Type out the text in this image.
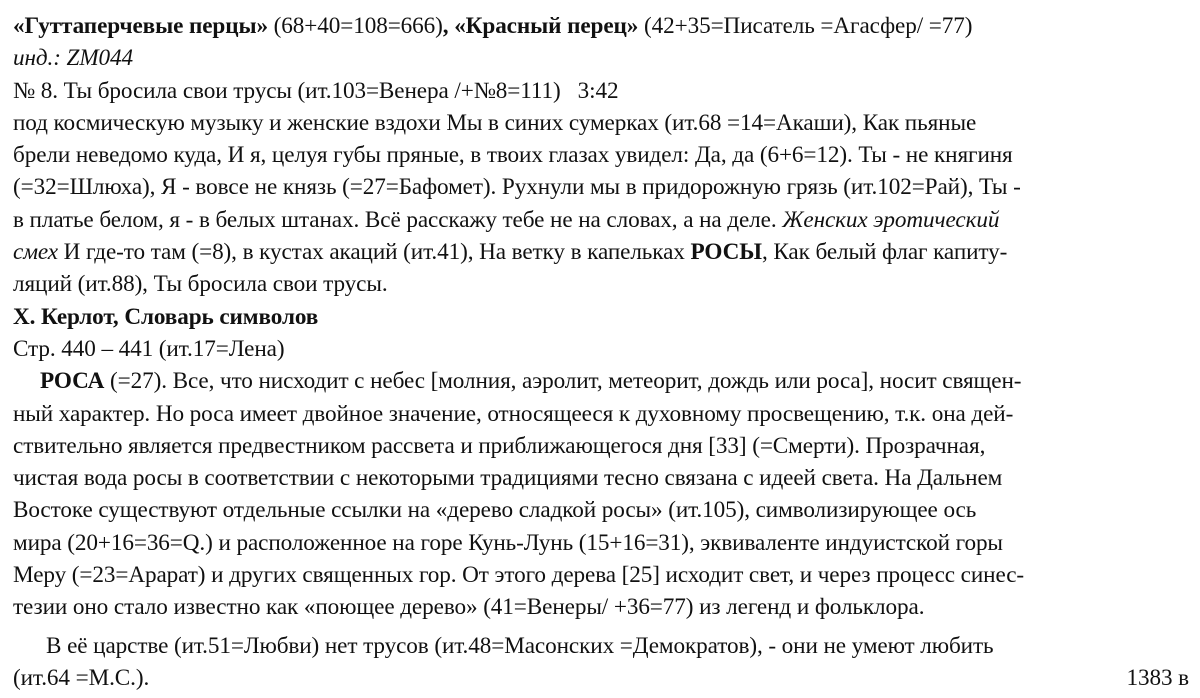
«Гуттаперчевые перцы» (68+40=108=666), «Красный перец» (42+35=Писатель =Агасфер/ =77)
инд.: ZM044
№ 8. Ты бросила свои трусы (ит.103=Венера /+№8=111)   3:42
под космическую музыку и женские вздохи Мы в синих сумерках (ит.68 =14=Акаши), Как пьяные
брели неведомо куда, И я, целуя губы пряные, в твоих глазах увидел: Да, да (6+6=12). Ты - не княгиня
(=32=Шлюха), Я - вовсе не князь (=27=Бафомет). Рухнули мы в придорожную грязь (ит.102=Рай), Ты -
в платье белом, я - в белых штанах. Всё расскажу тебе не на словах, а на деле. Женских эротический
смех И где-то там (=8), в кустах акаций (ит.41), На ветку в капельках РОСЫ, Как белый флаг капиту-
ляций (ит.88), Ты бросила свои трусы.
X. Керлот, Словарь символов
Стр. 440 – 441 (ит.17=Лена)
РОСА (=27). Все, что нисходит с небес [молния, аэролит, метеорит, дождь или роса], носит священ-
ный характер. Но роса имеет двойное значение, относящееся к духовному просвещению, т.к. она дей-
ствительно является предвестником рассвета и приближающегося дня [33] (=Смерти). Прозрачная,
чистая вода росы в соответствии с некоторыми традициями тесно связана с идеей света. На Дальнем
Востоке существуют отдельные ссылки на «дерево сладкой росы» (ит.105), символизирующее ось
мира (20+16=36=Q.) и расположенное на горе Кунь-Лунь (15+16=31), эквиваленте индуистской горы
Меру (=23=Арарат) и других священных гор. От этого дерева [25] исходит свет, и через процесс синес-
тезии оно стало известно как «поющее дерево» (41=Венеры/ +36=77) из легенд и фольклора.
В её царстве (ит.51=Любви) нет трусов (ит.48=Масонских =Демократов), - они не умеют любить
(ит.64 =М.С.).	1383 в
